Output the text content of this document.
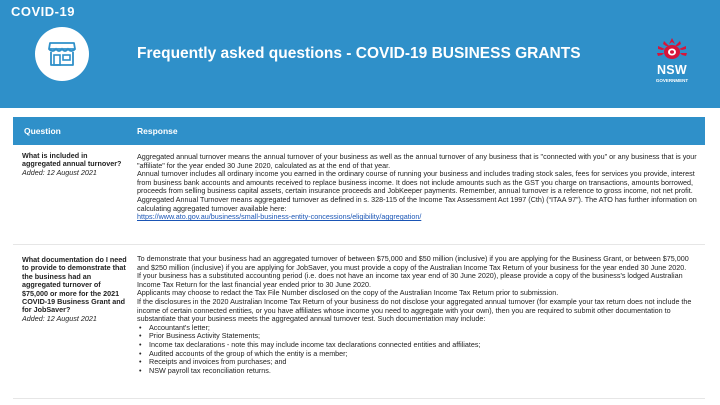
COVID-19
Frequently asked questions - COVID-19 BUSINESS GRANTS
NSW
GOVERNMENT
Question	Response
What is included in aggregated annual turnover?
Added: 12 August 2021

Aggregated annual turnover means the annual turnover of your business as well as the annual turnover of any business that is "connected with you" or any business that is your "affiliate" for the year ended 30 June 2020, calculated as at the end of that year.

Annual turnover includes all ordinary income you earned in the ordinary course of running your business and includes trading stock sales, fees for services you provide, interest from business bank accounts and amounts received to replace business income. It does not include amounts such as the GST you charge on transactions, amounts borrowed, proceeds from selling business capital assets, certain insurance proceeds and JobKeeper payments. Remember, annual turnover is a reference to gross income, not net profit.

Aggregated Annual Turnover means aggregated turnover as defined in s. 328-115 of the Income Tax Assessment Act 1997 (Cth) (“ITAA 97”). The ATO has further information on calculating aggregated turnover available here:

https://www.ato.gov.au/business/small-business-entity-concessions/eligibility/aggregation/

What documentation do I need to provide to demonstrate that the business had an aggregated turnover of $75,000 or more for the 2021 COVID-19 Business Grant and for JobSaver?
Added: 12 August 2021

To demonstrate that your business had an aggregated turnover of between $75,000 and $50 million (inclusive) if you are applying for the Business Grant, or between $75,000 and $250 million (inclusive) if you are applying for JobSaver, you must provide a copy of the Australian Income Tax Return of your business for the year ended 30 June 2020.

If your business has a substituted accounting period (i.e. does not have an income tax year end of 30 June 2020), please provide a copy of the business's lodged Australian Income Tax Return for the last financial year ended prior to 30 June 2020.

Applicants may choose to redact the Tax File Number disclosed on the copy of the Australian Income Tax Return prior to submission.

If the disclosures in the 2020 Australian Income Tax Return of your business do not disclose your aggregated annual turnover (for example your tax return does not include the income of certain connected entities, or you have affiliates whose income you need to aggregate with your own), then you are required to submit other documentation to substantiate that your business meets the aggregated annual turnover test. Such documentation may include:

• Accountant's letter;
• Prior Business Activity Statements;
• Income tax declarations - note this may include income tax declarations connected entities and affiliates;
• Audited accounts of the group of which the entity is a member;
• Receipts and invoices from purchases; and
• NSW payroll tax reconciliation returns.
